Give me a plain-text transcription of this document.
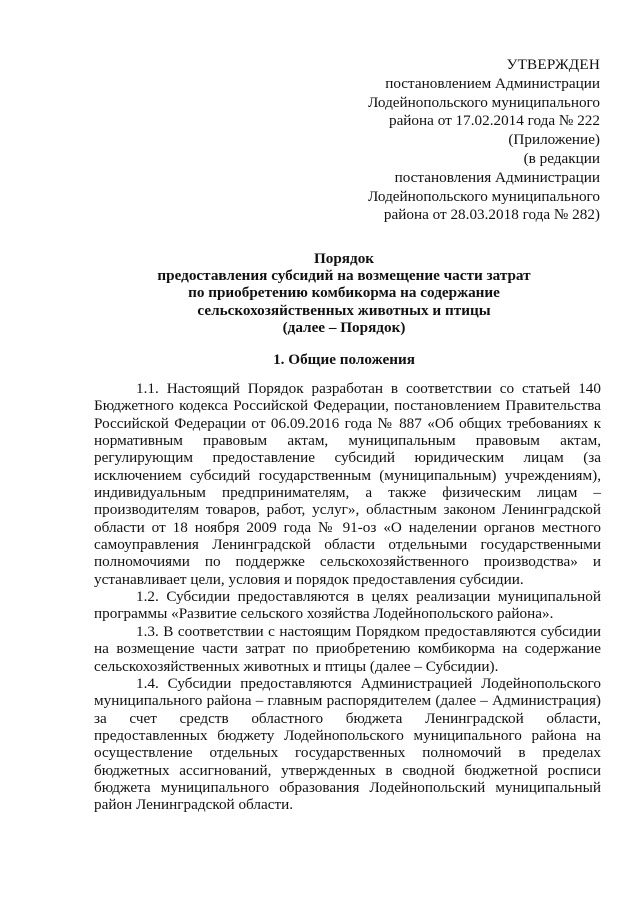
УТВЕРЖДЕН
постановлением Администрации
Лодейнопольского муниципального
района от 17.02.2014 года № 222
(Приложение)
(в редакции
постановления Администрации
Лодейнопольского муниципального
района от 28.03.2018 года № 282)
Порядок
предоставления субсидий на возмещение части затрат
по приобретению комбикорма на содержание
сельскохозяйственных животных и птицы
(далее – Порядок)
1. Общие положения
1.1. Настоящий Порядок разработан в соответствии со статьей 140
Бюджетного кодекса Российской Федерации, постановлением Правительства
Российской Федерации от 06.09.2016 года № 887 «Об общих требованиях к
нормативным правовым актам, муниципальным правовым актам,
регулирующим предоставление субсидий юридическим лицам (за
исключением субсидий государственным (муниципальным) учреждениям),
индивидуальным предпринимателям, а также физическим лицам –
производителям товаров, работ, услуг», областным законом Ленинградской
области от 18 ноября 2009 года № 91-оз «О наделении органов местного
самоуправления Ленинградской области отдельными государственными
полномочиями по поддержке сельскохозяйственного производства» и
устанавливает цели, условия и порядок предоставления субсидии.
1.2. Субсидии предоставляются в целях реализации муниципальной
программы «Развитие сельского хозяйства Лодейнопольского района».
1.3. В соответствии с настоящим Порядком предоставляются субсидии
на возмещение части затрат по приобретению комбикорма на содержание
сельскохозяйственных животных и птицы (далее – Субсидии).
1.4. Субсидии предоставляются Администрацией Лодейнопольского
муниципального района – главным распорядителем (далее – Администрация)
за счет средств областного бюджета Ленинградской области,
предоставленных бюджету Лодейнопольского муниципального района на
осуществление отдельных государственных полномочий в пределах
бюджетных ассигнований, утвержденных в сводной бюджетной росписи
бюджета муниципального образования Лодейнопольский муниципальный
район Ленинградской области.
